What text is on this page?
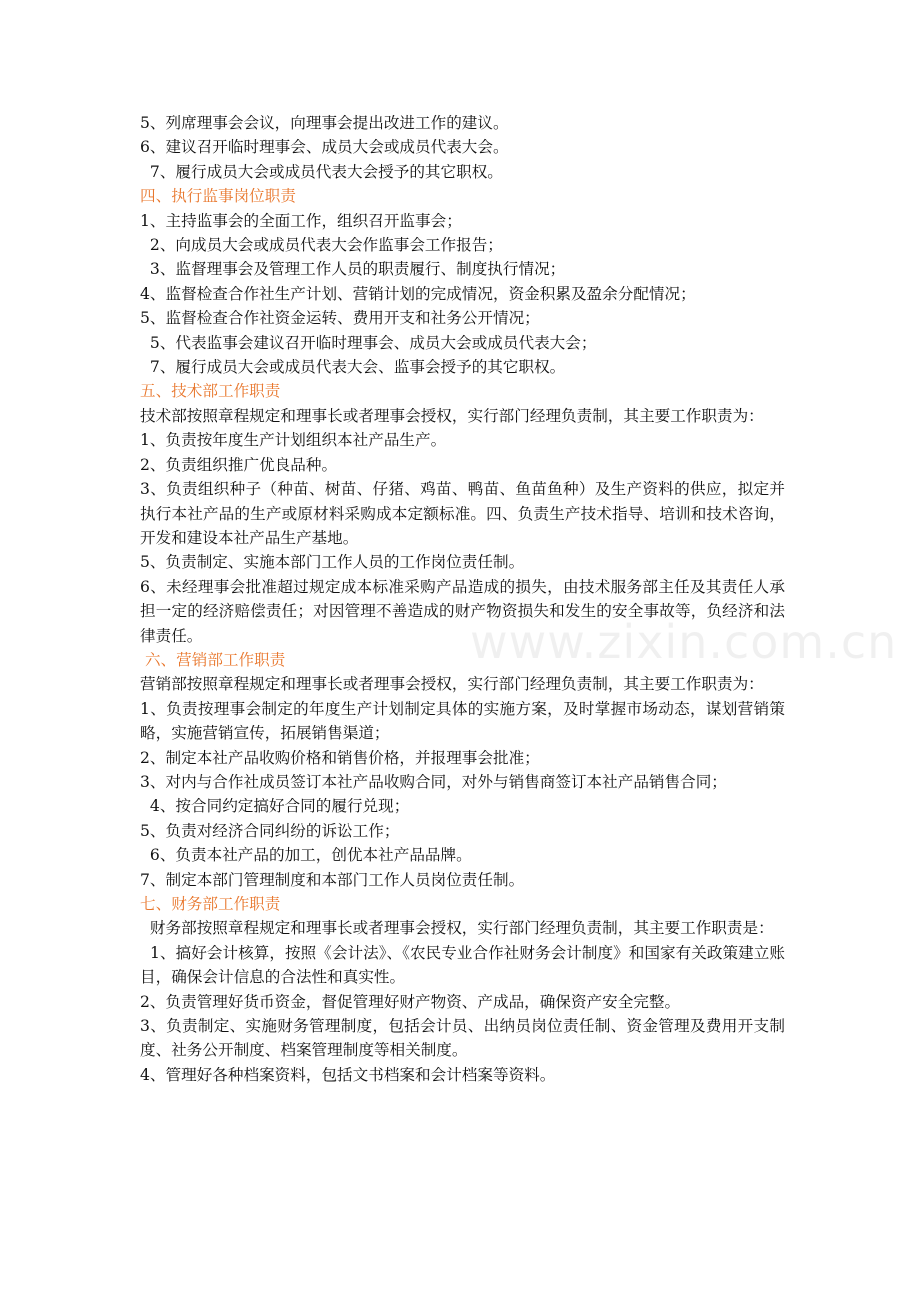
5、列席理事会会议，向理事会提出改进工作的建议。
6、建议召开临时理事会、成员大会或成员代表大会。
7、履行成员大会或成员代表大会授予的其它职权。
四、执行监事岗位职责
1、主持监事会的全面工作，组织召开监事会；
2、向成员大会或成员代表大会作监事会工作报告；
3、监督理事会及管理工作人员的职责履行、制度执行情况；
4、监督检查合作社生产计划、营销计划的完成情况，资金积累及盈余分配情况；
5、监督检查合作社资金运转、费用开支和社务公开情况；
5、代表监事会建议召开临时理事会、成员大会或成员代表大会；
7、履行成员大会或成员代表大会、监事会授予的其它职权。
五、技术部工作职责
技术部按照章程规定和理事长或者理事会授权，实行部门经理负责制，其主要工作职责为：
1、负责按年度生产计划组织本社产品生产。
2、负责组织推广优良品种。
3、负责组织种子（种苗、树苗、仔猪、鸡苗、鸭苗、鱼苗鱼种）及生产资料的供应，拟定并执行本社产品的生产或原材料采购成本定额标准。四、负责生产技术指导、培训和技术咨询，开发和建设本社产品生产基地。
5、负责制定、实施本部门工作人员的工作岗位责任制。
6、未经理事会批准超过规定成本标准采购产品造成的损失，由技术服务部主任及其责任人承担一定的经济赔偿责任；对因管理不善造成的财产物资损失和发生的安全事故等，负经济和法律责任。
六、营销部工作职责
营销部按照章程规定和理事长或者理事会授权，实行部门经理负责制，其主要工作职责为：
1、负责按理事会制定的年度生产计划制定具体的实施方案，及时掌握市场动态，谋划营销策略，实施营销宣传，拓展销售渠道；
2、制定本社产品收购价格和销售价格，并报理事会批准；
3、对内与合作社成员签订本社产品收购合同，对外与销售商签订本社产品销售合同；
4、按合同约定搞好合同的履行兑现；
5、负责对经济合同纠纷的诉讼工作；
6、负责本社产品的加工，创优本社产品品牌。
7、制定本部门管理制度和本部门工作人员岗位责任制。
七、财务部工作职责
财务部按照章程规定和理事长或者理事会授权，实行部门经理负责制，其主要工作职责是：
1、搞好会计核算，按照《会计法》、《农民专业合作社财务会计制度》和国家有关政策建立账目，确保会计信息的合法性和真实性。
2、负责管理好货币资金，督促管理好财产物资、产成品，确保资产安全完整。
3、负责制定、实施财务管理制度，包括会计员、出纳员岗位责任制、资金管理及费用开支制度、社务公开制度、档案管理制度等相关制度。
4、管理好各种档案资料，包括文书档案和会计档案等资料。
www.zixin.com.cn
